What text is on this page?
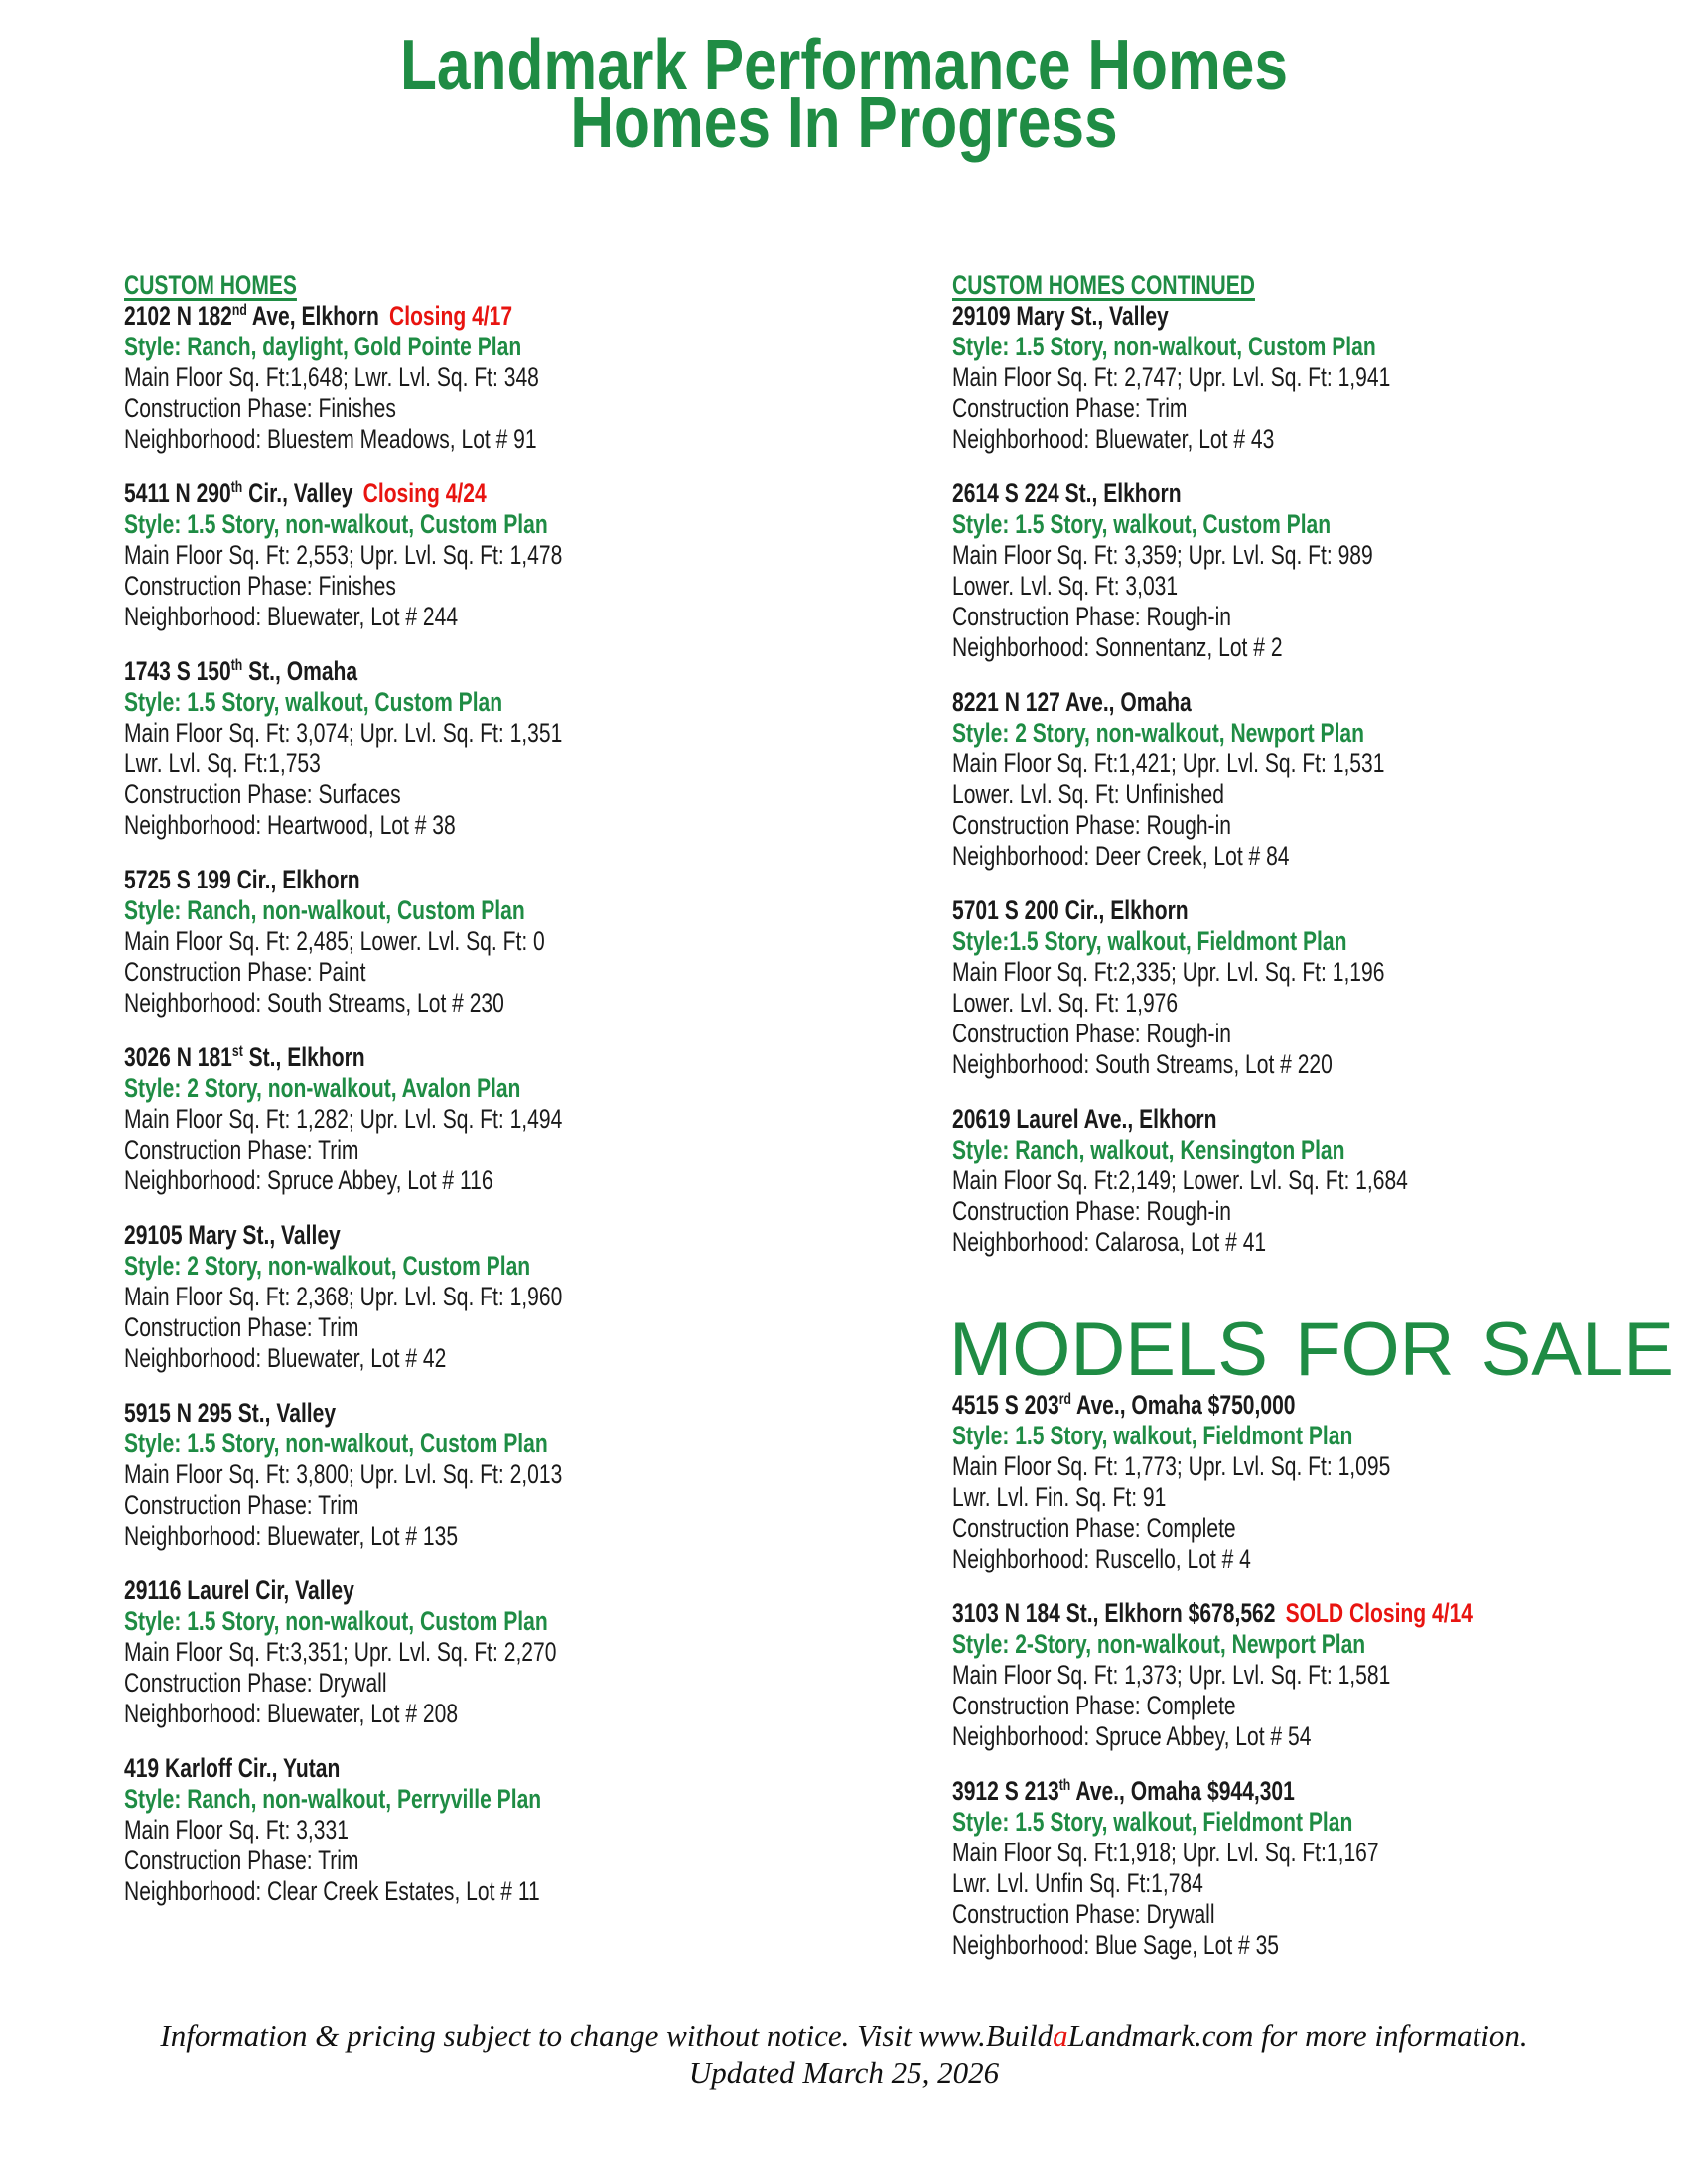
Landmark Performance Homes
Homes In Progress
CUSTOM HOMES
2102 N 182nd Ave, Elkhorn Closing 4/17
Style: Ranch, daylight, Gold Pointe Plan
Main Floor Sq. Ft:1,648; Lwr. Lvl. Sq. Ft: 348
Construction Phase: Finishes
Neighborhood: Bluestem Meadows, Lot # 91
5411 N 290th Cir., Valley Closing 4/24
Style: 1.5 Story, non-walkout, Custom Plan
Main Floor Sq. Ft: 2,553; Upr. Lvl. Sq. Ft: 1,478
Construction Phase: Finishes
Neighborhood: Bluewater, Lot # 244
1743 S 150th St., Omaha
Style: 1.5 Story, walkout, Custom Plan
Main Floor Sq. Ft: 3,074; Upr. Lvl. Sq. Ft: 1,351
Lwr. Lvl. Sq. Ft:1,753
Construction Phase: Surfaces
Neighborhood: Heartwood, Lot # 38
5725 S 199 Cir., Elkhorn
Style: Ranch, non-walkout, Custom Plan
Main Floor Sq. Ft: 2,485; Lower. Lvl. Sq. Ft: 0
Construction Phase: Paint
Neighborhood: South Streams, Lot # 230
3026 N 181st St., Elkhorn
Style: 2 Story, non-walkout, Avalon Plan
Main Floor Sq. Ft: 1,282; Upr. Lvl. Sq. Ft: 1,494
Construction Phase: Trim
Neighborhood: Spruce Abbey, Lot # 116
29105 Mary St., Valley
Style: 2 Story, non-walkout, Custom Plan
Main Floor Sq. Ft: 2,368; Upr. Lvl. Sq. Ft: 1,960
Construction Phase: Trim
Neighborhood: Bluewater, Lot # 42
5915 N 295 St., Valley
Style: 1.5 Story, non-walkout, Custom Plan
Main Floor Sq. Ft: 3,800; Upr. Lvl. Sq. Ft: 2,013
Construction Phase: Trim
Neighborhood: Bluewater, Lot # 135
29116 Laurel Cir, Valley
Style: 1.5 Story, non-walkout, Custom Plan
Main Floor Sq. Ft:3,351; Upr. Lvl. Sq. Ft: 2,270
Construction Phase: Drywall
Neighborhood: Bluewater, Lot # 208
419 Karloff Cir., Yutan
Style: Ranch, non-walkout, Perryville Plan
Main Floor Sq. Ft: 3,331
Construction Phase: Trim
Neighborhood: Clear Creek Estates, Lot # 11
CUSTOM HOMES CONTINUED
29109 Mary St., Valley
Style: 1.5 Story, non-walkout, Custom Plan
Main Floor Sq. Ft: 2,747; Upr. Lvl. Sq. Ft: 1,941
Construction Phase: Trim
Neighborhood: Bluewater, Lot # 43
2614 S 224 St., Elkhorn
Style: 1.5 Story, walkout, Custom Plan
Main Floor Sq. Ft: 3,359; Upr. Lvl. Sq. Ft: 989
Lower. Lvl. Sq. Ft: 3,031
Construction Phase: Rough-in
Neighborhood: Sonnentanz, Lot # 2
8221 N 127 Ave., Omaha
Style: 2 Story, non-walkout, Newport Plan
Main Floor Sq. Ft:1,421; Upr. Lvl. Sq. Ft: 1,531
Lower. Lvl. Sq. Ft: Unfinished
Construction Phase: Rough-in
Neighborhood: Deer Creek, Lot # 84
5701 S 200 Cir., Elkhorn
Style:1.5 Story, walkout, Fieldmont Plan
Main Floor Sq. Ft:2,335; Upr. Lvl. Sq. Ft: 1,196
Lower. Lvl. Sq. Ft: 1,976
Construction Phase: Rough-in
Neighborhood: South Streams, Lot # 220
20619 Laurel Ave., Elkhorn
Style: Ranch, walkout, Kensington Plan
Main Floor Sq. Ft:2,149; Lower. Lvl. Sq. Ft: 1,684
Construction Phase: Rough-in
Neighborhood: Calarosa, Lot # 41
MODELS FOR SALE
4515 S 203rd Ave., Omaha $750,000
Style: 1.5 Story, walkout, Fieldmont Plan
Main Floor Sq. Ft: 1,773; Upr. Lvl. Sq. Ft: 1,095
Lwr. Lvl. Fin. Sq. Ft: 91
Construction Phase: Complete
Neighborhood: Ruscello, Lot # 4
3103 N 184 St., Elkhorn $678,562 SOLD Closing 4/14
Style: 2-Story, non-walkout, Newport Plan
Main Floor Sq. Ft: 1,373; Upr. Lvl. Sq. Ft: 1,581
Construction Phase: Complete
Neighborhood: Spruce Abbey, Lot # 54
3912 S 213th Ave., Omaha $944,301
Style: 1.5 Story, walkout, Fieldmont Plan
Main Floor Sq. Ft:1,918; Upr. Lvl. Sq. Ft:1,167
Lwr. Lvl. Unfin Sq. Ft:1,784
Construction Phase: Drywall
Neighborhood: Blue Sage, Lot # 35
Information & pricing subject to change without notice. Visit www.BuildaLandmark.com for more information.
Updated March 25, 2026
